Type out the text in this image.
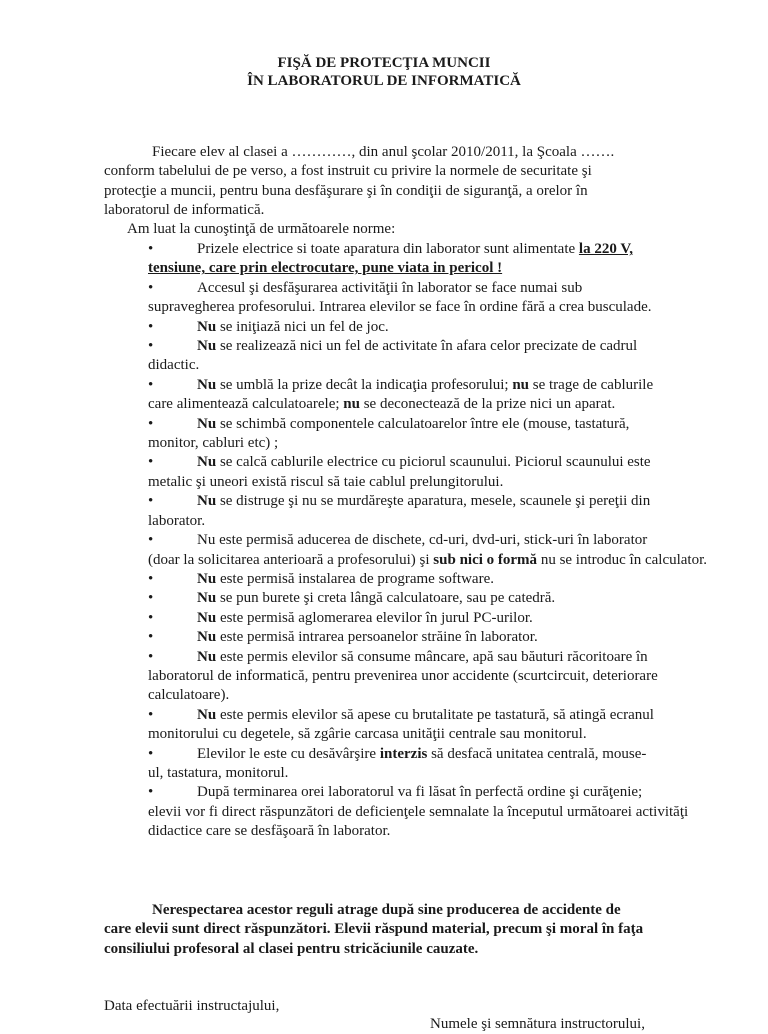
FIŞĂ DE PROTECŢIA MUNCII
ÎN LABORATORUL DE INFORMATICĂ
Fiecare elev al clasei a …………, din anul şcolar 2010/2011, la Şcoala …….
conform tabelului de pe verso, a fost instruit cu privire la normele de securitate şi
protecţie a muncii, pentru buna desfăşurare şi în condiţii de siguranţă, a orelor în
laboratorul de informatică.
Am luat la cunoştinţă de următoarele norme:
•	Prizele electrice si toate aparatura din laborator sunt alimentate la 220 V,
tensiune, care prin electrocutare, pune viata in pericol !
•	Accesul şi desfăşurarea activităţii în laborator se face numai sub
supravegherea profesorului. Intrarea elevilor se face în ordine fără a crea busculade.
•	Nu se iniţiază nici un fel de joc.
•	Nu se realizează nici un fel de activitate în afara celor precizate de cadrul
didactic.
•	Nu se umblă la prize decât la indicaţia profesorului; nu se trage de cablurile
care alimentează calculatoarele; nu se deconectează de la prize nici un aparat.
•	Nu se schimbă componentele calculatoarelor între ele (mouse, tastatură,
monitor, cabluri etc) ;
•	Nu se calcă cablurile electrice cu piciorul scaunului. Piciorul scaunului este
metalic şi uneori există riscul să taie cablul prelungitorului.
•	Nu se distruge şi nu se murdăreşte aparatura, mesele, scaunele şi pereţii din
laborator.
•	Nu este permisă aducerea de dischete, cd-uri, dvd-uri, stick-uri în laborator
(doar la solicitarea anterioară a profesorului) şi sub nici o formă nu se introduc în calculator.
•	Nu este permisă instalarea de programe software.
•	Nu se pun burete şi creta lângă calculatoare, sau pe catedră.
•	Nu este permisă aglomerarea elevilor în jurul PC-urilor.
•	Nu este permisă intrarea persoanelor străine în laborator.
•	Nu este permis elevilor să consume mâncare, apă sau băuturi răcoritoare în
laboratorul de informatică, pentru prevenirea unor accidente (scurtcircuit, deteriorare calculatoare).
•	Nu este permis elevilor să apese cu brutalitate pe tastatură, să atingă ecranul
monitorului cu degetele, să zgârie carcasa unităţii centrale sau monitorul.
•	Elevilor le este cu desăvârşire interzis să desfacă unitatea centrală, mouse-
ul, tastatura, monitorul.
•	După terminarea orei laboratorul va fi lăsat în perfectă ordine şi curăţenie;
elevii vor fi direct răspunzători de deficienţele semnalate la începutul următoarei activităţi didactice care se desfăşoară în laborator.
Nerespectarea acestor reguli atrage după sine producerea de accidente de
care elevii sunt direct răspunzători. Elevii răspund material, precum şi moral în faţa
consiliului profesoral al clasei pentru stricăciunile cauzate.
Data efectuării instructajului,
Numele şi semnătura instructorului,
